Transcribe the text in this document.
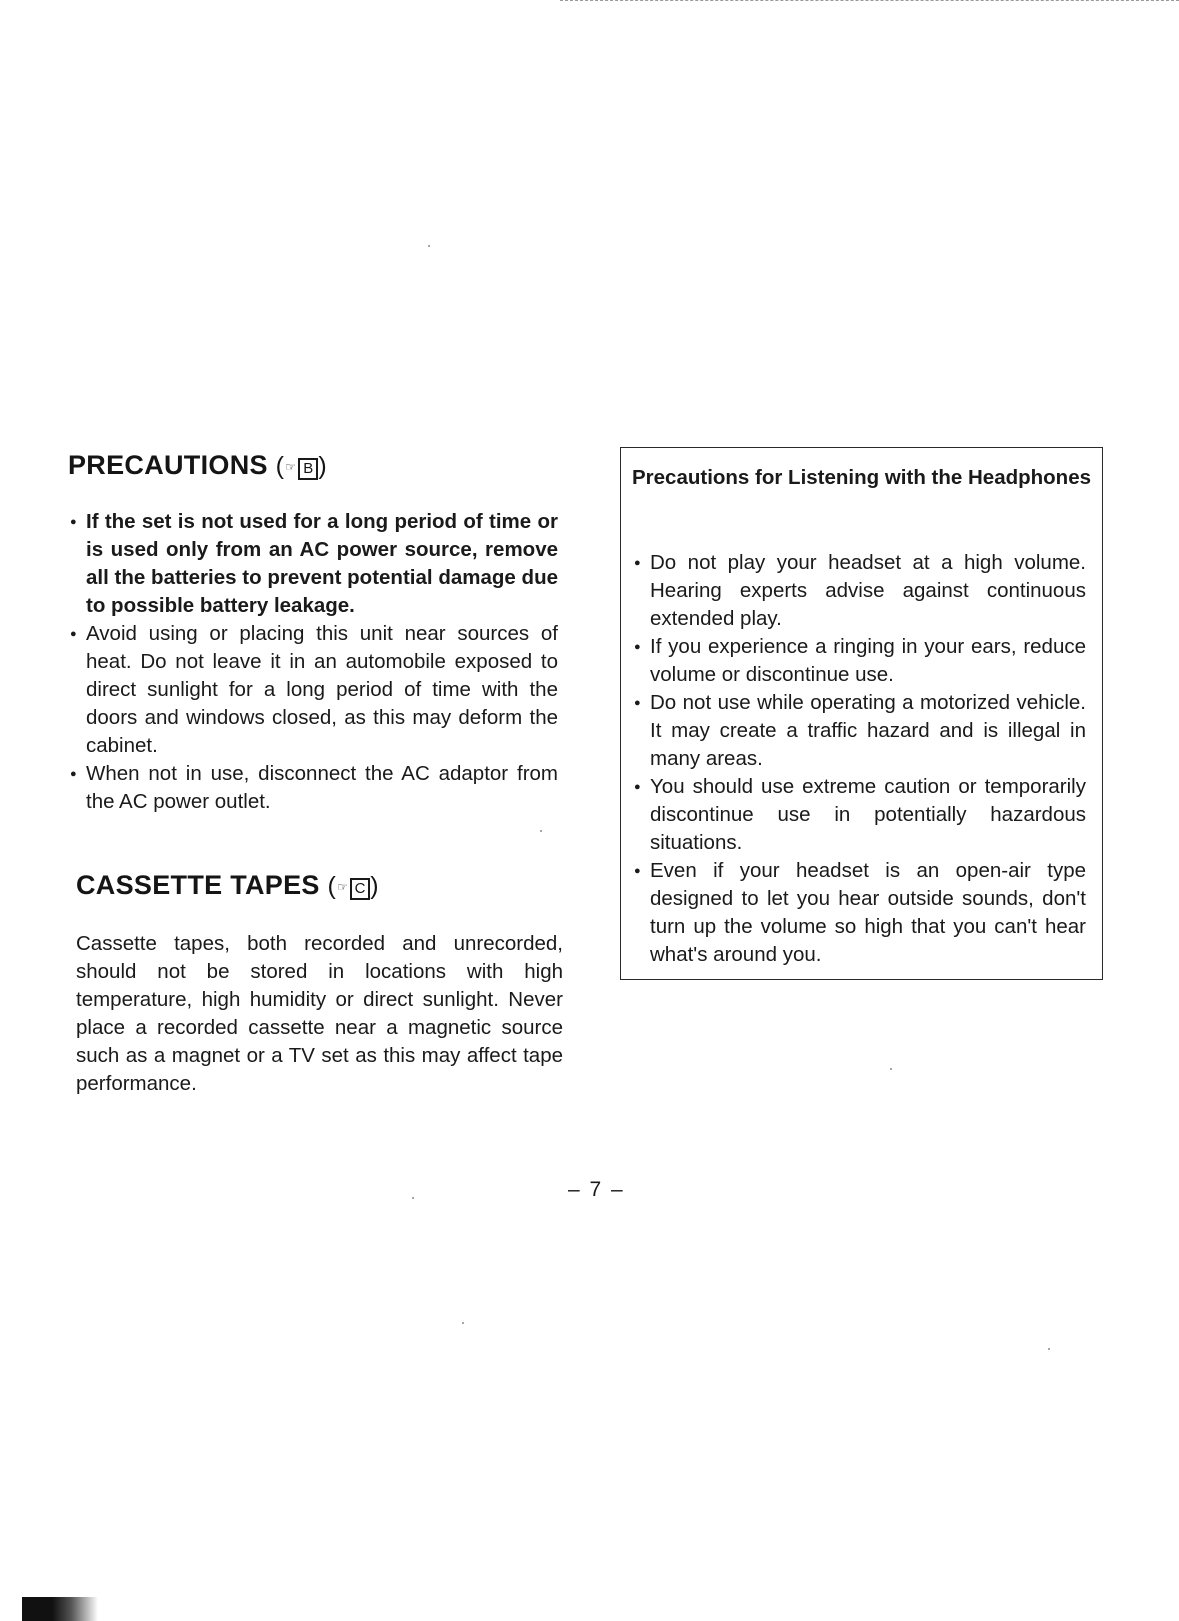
PRECAUTIONS (☞ B )
● If the set is not used for a long period of time or is used only from an AC power source, remove all the batteries to prevent potential damage due to possible battery leakage.
● Avoid using or placing this unit near sources of heat. Do not leave it in an automobile exposed to direct sunlight for a long period of time with the doors and windows closed, as this may deform the cabinet.
● When not in use, disconnect the AC adaptor from the AC power outlet.
CASSETTE TAPES (☞ C )

Cassette tapes, both recorded and unrecorded, should not be stored in locations with high temperature, high humidity or direct sunlight. Never place a recorded cassette near a magnetic source such as a magnet or a TV set as this may affect tape performance.

Precautions for Listening with the Headphones

● Do not play your headset at a high volume. Hearing experts advise against continuous extended play.
● If you experience a ringing in your ears, reduce volume or discontinue use.
● Do not use while operating a motorized vehicle. It may create a traffic hazard and is illegal in many areas.
● You should use extreme caution or temporarily discontinue use in potentially hazardous situations.
● Even if your headset is an open-air type designed to let you hear outside sounds, don't turn up the volume so high that you can't hear what's around you.
– 7 –
